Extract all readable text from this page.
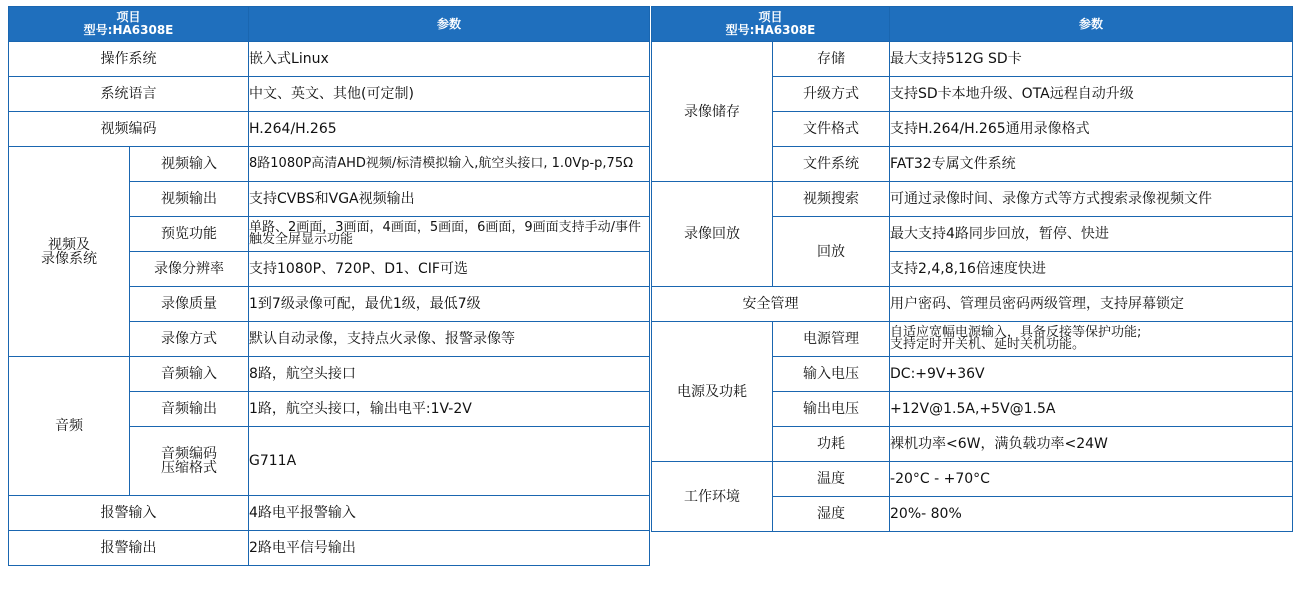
项目
型号:HA6308E		参数
操作系统		嵌入式Linux
系统语言		中文、英文、其他(可定制)
视频编码		H.264/H.265

视频及
录像系统	视频输入	8路1080P高清AHD视频/标清模拟输入,航空头接口, 1.0Vp-p,75Ω
	视频输出	支持CVBS和VGA视频输出
	预览功能	单路、2画面，3画面，4画面，5画面，6画面，9画面支持手动/事件触发全屏显示功能
	录像分辨率	支持1080P、720P、D1、CIF可选
	录像质量	1到7级录像可配，最优1级，最低7级
	录像方式	默认自动录像，支持点火录像、报警录像等
音频	音频输入	8路，航空头接口
	音频输出	1路，航空头接口，输出电平:1V-2V

	音频编码
压缩格式	G711A
报警输入		4路电平报警输入
报警输出		2路电平信号输出
项目
型号:HA6308E		参数
录像储存	存储	最大支持512G SD卡
	升级方式	支持SD卡本地升级、OTA远程自动升级
	文件格式	支持H.264/H.265通用录像格式
	文件系统	FAT32专属文件系统
录像回放	视频搜索	可通过录像时间、录像方式等方式搜索录像视频文件
	回放	最大支持4路同步回放，暂停、快进
		支持2,4,8,16倍速度快进
安全管理		用户密码、管理员密码两级管理，支持屏幕锁定
电源及功耗	电源管理	自适应宽幅电源输入，具备反接等保护功能;
支持定时开关机、延时关机功能。

	输入电压	DC:+9V+36V
	输出电压	+12V@1.5A,+5V@1.5A
	功耗	裸机功率<6W，满负载功率<24W
工作环境	温度	-20°C - +70°C
	湿度	20%- 80%
